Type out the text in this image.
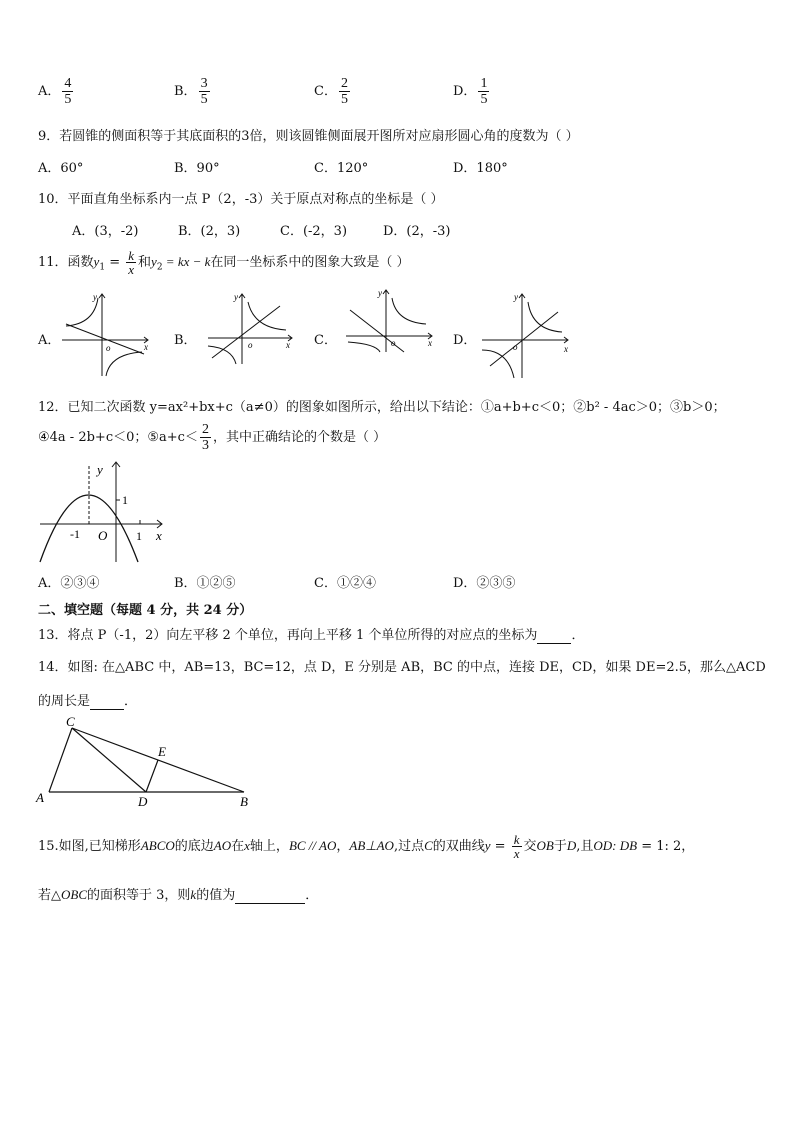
A． $\frac{4}{5}$	B． $\frac{3}{5}$	C． $\frac{2}{5}$	D． $\frac{1}{5}$
9．若圆锥的侧面积等于其底面积的3倍，则该圆锥侧面展开图所对应扇形圆心角的度数为（ ）
A．60°	B．90°	C．120°	D．180°
10．平面直角坐标系内一点 P（2，-3）关于原点对称点的坐标是（ ）
A．(3，-2)	B．(2，3)	C．(-2，3)	D．(2，-3)
11．函数$y_1 = \frac{k}{x}$ 和$y_2$ = kx − k在同一坐标系中的图象大致是（ ）
A．	B．	C．	D．
y
x
o
y
x
o
y
x
o
y
x
o
12．已知二次函数 y=ax²+bx+c（a≠0）的图象如图所示，给出以下结论：①a+b+c＜0；②b² - 4ac＞0；③b＞0；
④4a - 2b+c＜0；⑤a+c＜ $\frac{2}{3}$ ，其中正确结论的个数是（ ）
y
1
-1 O 1 x
A．②③④	B．①②⑤	C．①②④	D．②③⑤
二、填空题（每题 4 分，共 24 分）
13．将点 P（-1，2）向左平移 2 个单位，再向上平移 1 个单位所得的对应点的坐标为	．
14．如图: 在△ABC 中，AB=13，BC=12，点 D，E 分别是 AB，BC 的中点，连接 DE，CD，如果 DE=2.5，那么△ACD
的周长是	．
C
E
A	D	B
15.如图,已知梯形ABCO的底边AO在x轴上，BC // AO，AB⊥AO,过点C的双曲线$y = \frac{k}{x}$ 交OB于D,且OD: DB = 1: 2，
若△OBC的面积等于 3，则k的值为	．
